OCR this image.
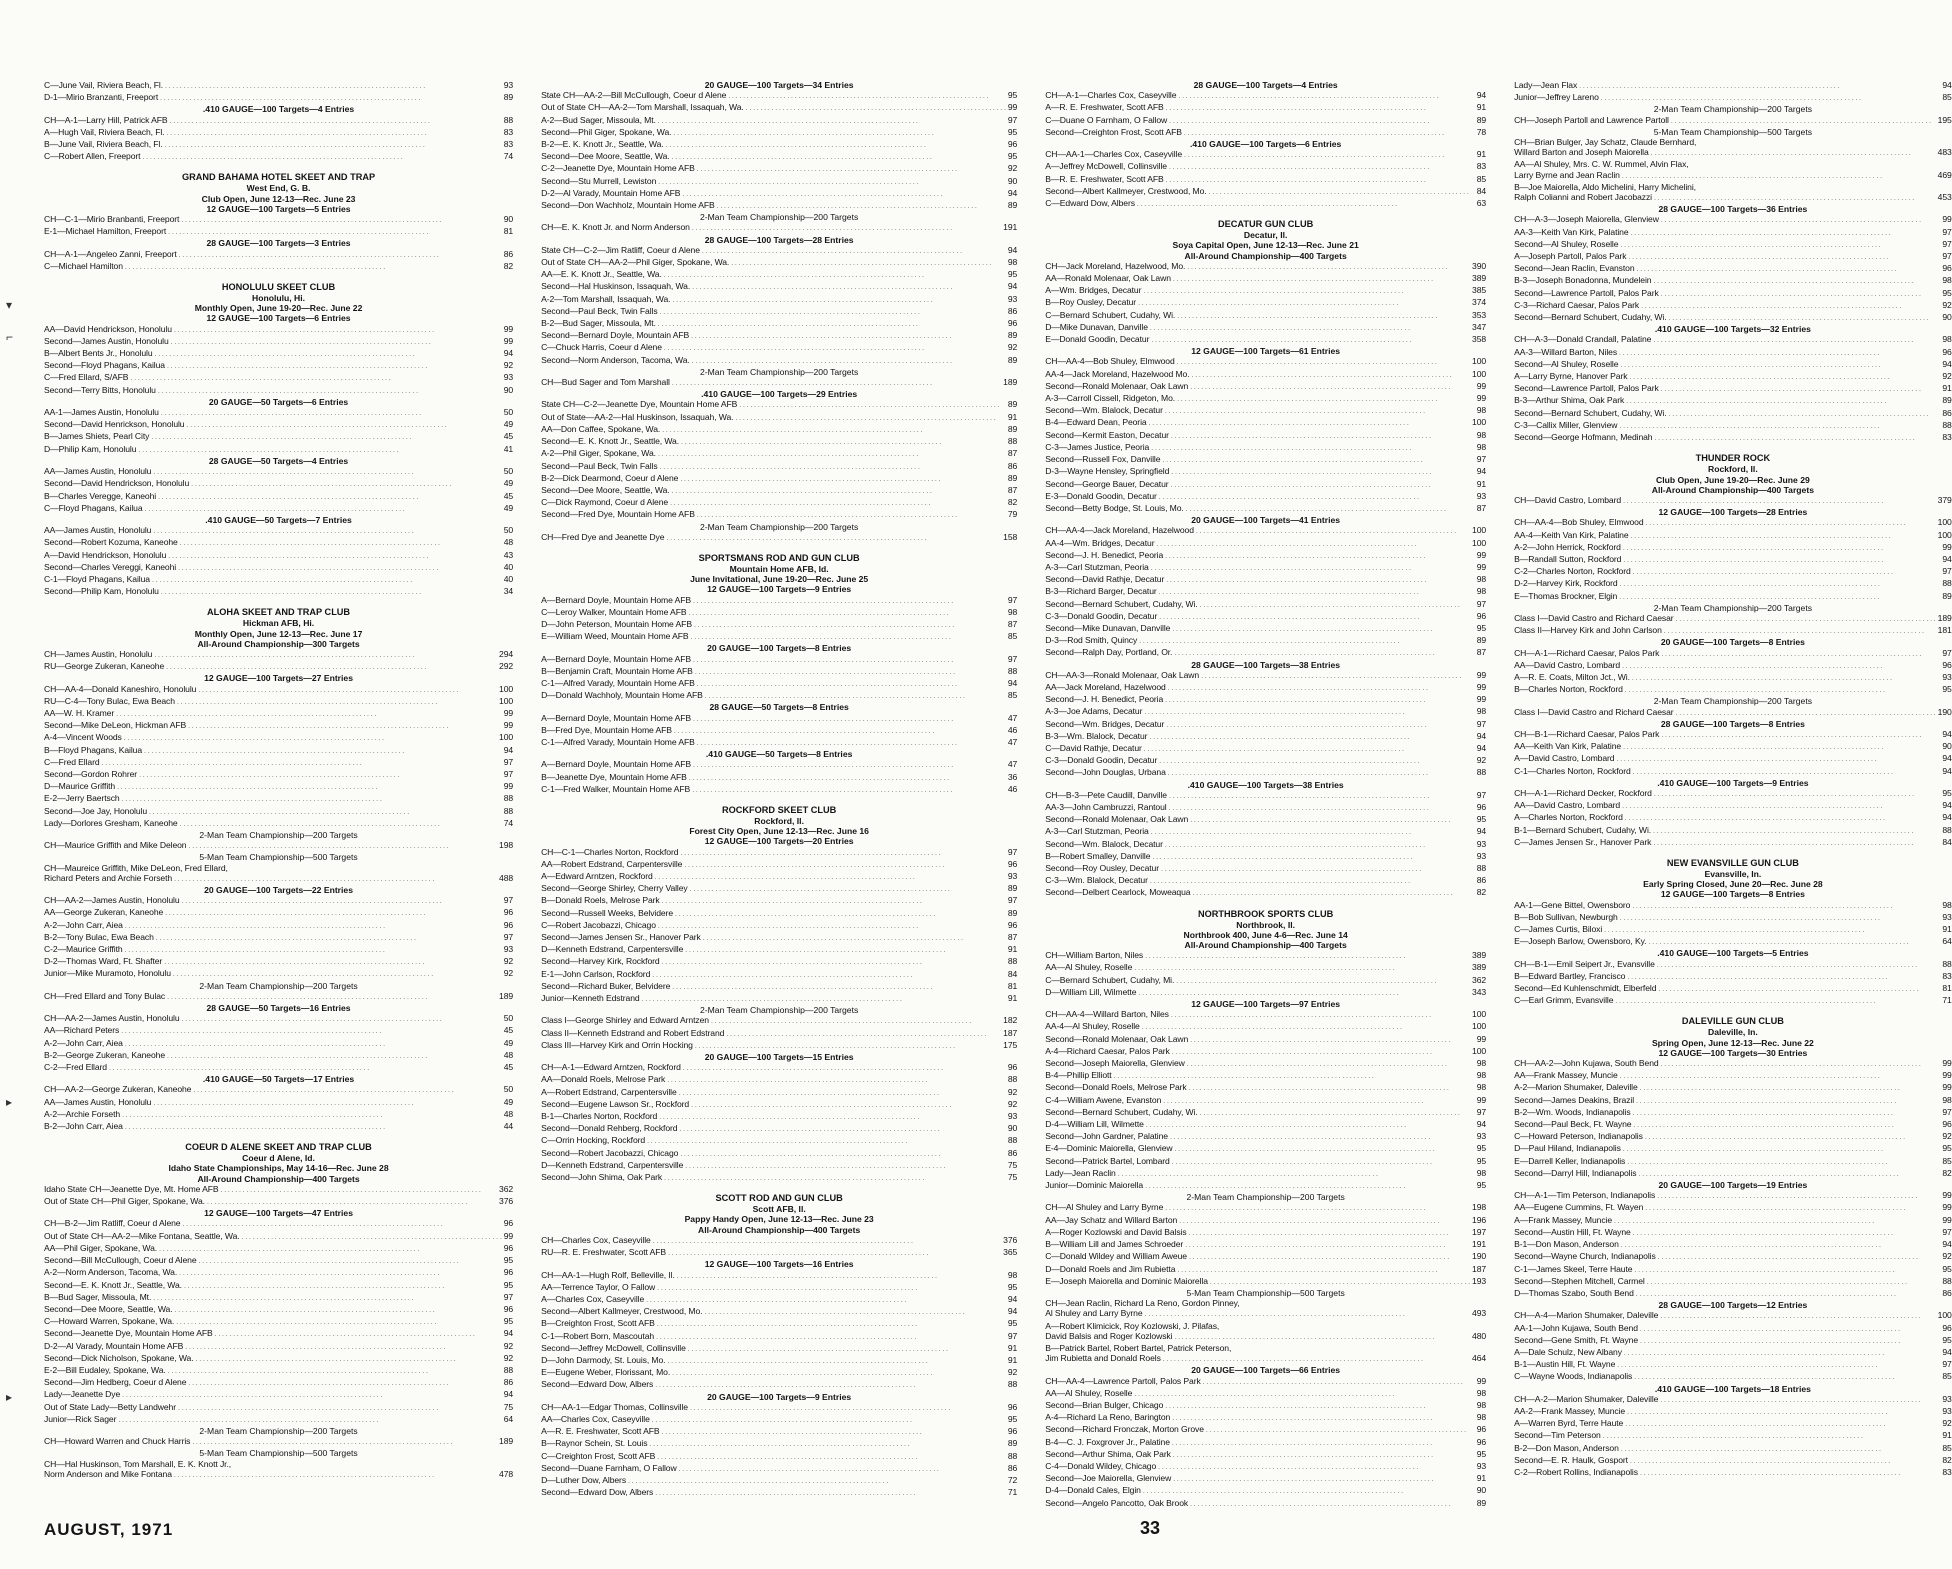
C—June Vail, Riviera Beach, Fl. . . .	93
D-1—Mirio Branzanti, Freeport . . .	89
.410 GAUGE—100 Targets—4 Entries
CH—A-1—Larry Hill, Patrick AFB . . .	88
A—Hugh Vail, Riviera Beach, Fl. . . .	83
B—June Vail, Riviera Beach, Fl. . . .	83
C—Robert Allen, Freeport . . .	74
GRAND BAHAMA HOTEL SKEET AND TRAP
West End, G. B.
Club Open, June 12-13—Rec. June 23
12 GAUGE—100 Targets—5 Entries
CH—C-1—Mirio Branbanti, Freeport . . .	90
E-1—Michael Hamilton, Freeport . . .	81
28 GAUGE—100 Targets—3 Entries
CH—A-1—Angeleo Zanni, Freeport . . .	86
C—Michael Hamilton . . .	82
HONOLULU SKEET CLUB
Honolulu, Hi.
Monthly Open, June 19-20—Rec. June 22
12 GAUGE—100 Targets—6 Entries
AA—David Hendrickson, Honolulu . . .	99
Second—James Austin, Honolulu . . .	99
B—Albert Bents Jr., Honolulu . . .	94
Second—Floyd Phagans, Kailua . . .	92
C—Fred Ellard, S/AFB . . .	93
Second—Terry Bitts, Honolulu . . .	90
20 GAUGE—50 Targets—6 Entries
AA-1—James Austin, Honolulu . . .	50
Second—David Henrickson, Honolulu . . .	49
B—James Shiets, Pearl City . . .	45
D—Philip Kam, Honolulu . . .	41
28 GAUGE—50 Targets—4 Entries
AA—James Austin, Honolulu . . .	50
Second—David Hendrickson, Honolulu . . .	49
B—Charles Veregge, Kaneohi . . .	45
C—Floyd Phagans, Kailua . . .	49
.410 GAUGE—50 Targets—7 Entries
AA—James Austin, Honolulu . . .	50
Second—Robert Kozuma, Kaneohe . . .	48
A—David Hendrickson, Honolulu . . .	43
Second—Charles Vereggi, Kaneohi . . .	40
C-1—Floyd Phagans, Kailua . . .	40
Second—Philip Kam, Honolulu . . .	34
ALOHA SKEET AND TRAP CLUB
Hickman AFB, Hi.
Monthly Open, June 12-13—Rec. June 17
All-Around Championship—300 Targets
CH—James Austin, Honolulu . . .	294
RU—George Zukeran, Kaneohe . . .	292
12 GAUGE—100 Targets—27 Entries
CH—AA-4—Donald Kaneshiro, Honolulu . . .	100
RU—C-4—Tony Bulac, Ewa Beach . . .	100
AA—W. H. Kramer . . .	99
Second—Mike DeLeon, Hickman AFB . . .	99
A-4—Vincent Woods . . .	100
B—Floyd Phagans, Kailua . . .	94
C—Fred Ellard . . .	97
Second—Gordon Rohrer . . .	97
D—Maurice Griffith . . .	99
E-2—Jerry Baertsch . . .	88
Second—Joe Jay, Honolulu . . .	88
Lady—Dorlores Gresham, Kaneohe . . .	74
2-Man Team Championship—200 Targets
CH—Maurice Griffith and Mike Deleon . . .	198
5-Man Team Championship—500 Targets
CH—Maureice Griffith, Mike DeLeon, Fred Ellard,
Richard Peters and Archie Forseth . . .	488
20 GAUGE—100 Targets—22 Entries
CH—AA-2—James Austin, Honolulu . . .	97
AA—George Zukeran, Kaneohe . . .	96
A-2—John Carr, Aiea . . .	96
B-2—Tony Bulac, Ewa Beach . . .	97
C-2—Maurice Griffith . . .	93
D-2—Thomas Ward, Ft. Shafter . . .	92
Junior—Mike Muramoto, Honolulu . . .	92
2-Man Team Championship—200 Targets
CH—Fred Ellard and Tony Bulac . . .	189
28 GAUGE—50 Targets—16 Entries
CH—AA-2—James Austin, Honolulu . . .	50
AA—Richard Peters . . .	45
A-2—John Carr, Aiea . . .	49
B-2—George Zukeran, Kaneohe . . .	48
C-2—Fred Ellard . . .	45
.410 GAUGE—50 Targets—17 Entries
CH—AA-2—George Zukeran, Kaneohe . . .	50
AA—James Austin, Honolulu . . .	49
A-2—Archie Forseth . . .	48
B-2—John Carr, Aiea . . .	44
COEUR D ALENE SKEET AND TRAP CLUB
Coeur d Alene, Id.
Idaho State Championships, May 14-16—Rec. June 28
All-Around Championship—400 Targets
Idaho State CH—Jeanette Dye, Mt. Home AFB . . .	362
Out of State CH—Phil Giger, Spokane, Wa. . . .	376
12 GAUGE—100 Targets—47 Entries
CH—B-2—Jim Ratliff, Coeur d Alene . . .	96
Out of State CH—AA-2—Mike Fontana, Seattle, Wa. . . .	99
AA—Phil Giger, Spokane, Wa. . . .	96
Second—Bill McCullough, Coeur d Alene . . .	95
A-2—Norm Anderson, Tacoma, Wa. . . .	96
Second—E. K. Knott Jr., Seattle, Wa. . . .	95
B—Bud Sager, Missoula, Mt. . . .	97
Second—Dee Moore, Seattle, Wa. . . .	96
C—Howard Warren, Spokane, Wa. . . .	95
Second—Jeanette Dye, Mountain Home AFB . . .	94
D-2—Al Varady, Mountain Home AFB . . .	92
Second—Dick Nicholson, Spokane, Wa. . . .	92
E-2—Bill Eudaley, Spokane, Wa. . . .	88
Second—Jim Hedberg, Coeur d Alene . . .	86
Lady—Jeanette Dye . . .	94
Out of State Lady—Betty Landwehr . . .	75
Junior—Rick Sager . . .	64
2-Man Team Championship—200 Targets
CH—Howard Warren and Chuck Harris . . .	189
5-Man Team Championship—500 Targets
CH—Hal Huskinson, Tom Marshall, E. K. Knott Jr.,
Norm Anderson and Mike Fontana . . .	478
20 GAUGE—100 Targets—34 Entries
State CH—AA-2—Bill McCullough, Coeur d Alene . . .	95
Out of State CH—AA-2—Tom Marshall, Issaquah, Wa. . . .	99
A-2—Bud Sager, Missoula, Mt. . . .	97
Second—Phil Giger, Spokane, Wa. . . .	95
B-2—E. K. Knott Jr., Seattle, Wa. . . .	96
Second—Dee Moore, Seattle, Wa. . . .	95
C-2—Jeanette Dye, Mountain Home AFB . . .	92
Second—Stu Murrell, Lewiston . . .	90
D-2—Al Varady, Mountain Home AFB . . .	94
Second—Don Wachholz, Mountain Home AFB . . .	89
2-Man Team Championship—200 Targets
CH—E. K. Knott Jr. and Norm Anderson . . .	191
28 GAUGE—100 Targets—28 Entries
State CH—C-2—Jim Ratliff, Coeur d Alene . . .	94
Out of State CH—AA-2—Phil Giger, Spokane, Wa. . . .	98
AA—E. K. Knott Jr., Seattle, Wa. . . .	95
Second—Hal Huskinson, Issaquah, Wa. . . .	94
A-2—Tom Marshall, Issaquah, Wa. . . .	93
Second—Paul Beck, Twin Falls . . .	86
B-2—Bud Sager, Missoula, Mt. . . .	96
Second—Bernard Doyle, Mountain AFB . . .	89
C—Chuck Harris, Coeur d Alene . . .	92
Second—Norm Anderson, Tacoma, Wa. . . .	89
2-Man Team Championship—200 Targets
CH—Bud Sager and Tom Marshall . . .	189
.410 GAUGE—100 Targets—29 Entries
State CH—C-2—Jeanette Dye, Mountain Home AFB . . .	89
Out of State—AA-2—Hal Huskinson, Issaquah, Wa. . . .	91
AA—Don Caffee, Spokane, Wa. . . .	89
Second—E. K. Knott Jr., Seattle, Wa. . . .	88
A-2—Phil Giger, Spokane, Wa. . . .	87
Second—Paul Beck, Twin Falls . . .	86
B-2—Dick Dearmond, Coeur d Alene . . .	89
Second—Dee Moore, Seattle, Wa. . . .	87
C—Dick Raymond, Coeur d Alene . . .	82
Second—Fred Dye, Mountain Home AFB . . .	79
2-Man Team Championship—200 Targets
CH—Fred Dye and Jeanette Dye . . .	158
SPORTSMANS ROD AND GUN CLUB
Mountain Home AFB, Id.
June Invitational, June 19-20—Rec. June 25
12 GAUGE—100 Targets—9 Entries
A—Bernard Doyle, Mountain Home AFB . . .	97
C—Leroy Walker, Mountain Home AFB . . .	98
D—John Peterson, Mountain Home AFB . . .	87
E—William Weed, Mountain Home AFB . . .	85
20 GAUGE—100 Targets—8 Entries
A—Bernard Doyle, Mountain Home AFB . . .	97
B—Benjamin Craft, Mountain Home AFB . . .	88
C-1—Alfred Varady, Mountain Home AFB . . .	94
D—Donald Wachholy, Mountain Home AFB . . .	85
28 GAUGE—50 Targets—8 Entries
A—Bernard Doyle, Mountain Home AFB . . .	47
B—Fred Dye, Mountain Home AFB . . .	46
C-1—Alfred Varady, Mountain Home AFB . . .	47
.410 GAUGE—50 Targets—8 Entries
A—Bernard Doyle, Mountain Home AFB . . .	47
B—Jeanette Dye, Mountain Home AFB . . .	36
C-1—Fred Walker, Mountain Home AFB . . .	46
ROCKFORD SKEET CLUB
Rockford, Il.
Forest City Open, June 12-13—Rec. June 16
12 GAUGE—100 Targets—20 Entries
CH—C-1—Charles Norton, Rockford . . .	97
AA—Robert Edstrand, Carpentersville . . .	96
A—Edward Arntzen, Rockford . . .	93
Second—George Shirley, Cherry Valley . . .	89
B—Donald Roels, Melrose Park . . .	97
Second—Russell Weeks, Belvidere . . .	89
C—Robert Jacobazzi, Chicago . . .	96
Second—James Jensen Sr., Hanover Park . . .	87
D—Kenneth Edstrand, Carpentersville . . .	91
Second—Harvey Kirk, Rockford . . .	88
E-1—John Carlson, Rockford . . .	84
Second—Richard Buker, Belvidere . . .	81
Junior—Kenneth Edstrand . . .	91
2-Man Team Championship—200 Targets
Class I—George Shirley and Edward Arntzen . . .	182
Class II—Kenneth Edstrand and Robert Edstrand . . .	187
Class III—Harvey Kirk and Orrin Hocking . . .	175
20 GAUGE—100 Targets—15 Entries
CH—A-1—Edward Arntzen, Rockford . . .	96
AA—Donald Roels, Melrose Park . . .	88
A—Robert Edstrand, Carpentersville . . .	92
Second—Eugene Lawson Sr., Rockford . . .	92
B-1—Charles Norton, Rockford . . .	93
Second—Donald Rehberg, Rockford . . .	90
C—Orrin Hocking, Rockford . . .	88
Second—Robert Jacobazzi, Chicago . . .	86
D—Kenneth Edstrand, Carpentersville . . .	75
Second—John Shima, Oak Park . . .	75
SCOTT ROD AND GUN CLUB
Scott AFB, Il.
Pappy Handy Open, June 12-13—Rec. June 23
All-Around Championship—400 Targets
CH—Charles Cox, Caseyville . . .	376
RU—R. E. Freshwater, Scott AFB . . .	365
12 GAUGE—100 Targets—16 Entries
CH—AA-1—Hugh Rolf, Belleville, Il. . . .	98
AA—Terrence Taylor, O Fallow . . .	95
A—Charles Cox, Caseyville . . .	94
Second—Albert Kallmeyer, Crestwood, Mo. . . .	94
B—Creighton Frost, Scott AFB . . .	95
C-1—Robert Born, Mascoutah . . .	97
Second—Jeffrey McDowell, Collinsville . . .	91
D—John Darmody, St. Louis, Mo. . . .	91
E—Eugene Weber, Florissant, Mo. . . .	92
Second—Edward Dow, Albers . . .	88
20 GAUGE—100 Targets—9 Entries
CH—AA-1—Edgar Thomas, Collinsville . . .	96
AA—Charles Cox, Caseyville . . .	95
A—R. E. Freshwater, Scott AFB . . .	96
B—Raynor Schein, St. Louis . . .	89
C—Creighton Frost, Scott AFB . . .	88
Second—Duane Farnham, O Fallow . . .	86
D—Luther Dow, Albers . . .	72
Second—Edward Dow, Albers . . .	71
28 GAUGE—100 Targets—4 Entries
CH—A-1—Charles Cox, Caseyville . . .	94
A—R. E. Freshwater, Scott AFB . . .	91
C—Duane O Farnham, O Fallow . . .	89
Second—Creighton Frost, Scott AFB . . .	78
.410 GAUGE—100 Targets—6 Entries
CH—AA-1—Charles Cox, Caseyville . . .	91
A—Jeffrey McDowell, Collinsville . . .	83
B—R. E. Freshwater, Scott AFB . . .	85
Second—Albert Kallmeyer, Crestwood, Mo. . . .	84
C—Edward Dow, Albers . . .	63
DECATUR GUN CLUB
Decatur, Il.
Soya Capital Open, June 12-13—Rec. June 21
All-Around Championship—400 Targets
CH—Jack Moreland, Hazelwood, Mo. . . .	390
AA—Ronald Molenaar, Oak Lawn . . .	389
A—Wm. Bridges, Decatur . . .	385
B—Roy Ousley, Decatur . . .	374
C—Bernard Schubert, Cudahy, Wi. . . .	353
D—Mike Dunavan, Danville . . .	347
E—Donald Goodin, Decatur . . .	358
12 GAUGE—100 Targets—61 Entries
CH—AA-4—Bob Shuley, Elmwood . . .	100
AA-4—Jack Moreland, Hazelwood Mo. . . .	100
Second—Ronald Molenaar, Oak Lawn . . .	99
A-3—Carroll Cissell, Ridgeton, Mo. . . .	99
Second—Wm. Blalock, Decatur . . .	98
B-4—Edward Dean, Peoria . . .	100
Second—Kermit Easton, Decatur . . .	98
C-3—James Justice, Peoria . . .	98
Second—Russell Fox, Danville . . .	97
D-3—Wayne Hensley, Springfield . . .	94
Second—George Bauer, Decatur . . .	91
E-3—Donald Goodin, Decatur . . .	93
Second—Betty Bodge, St. Louis, Mo. . . .	87
20 GAUGE—100 Targets—41 Entries
CH—AA-4—Jack Moreland, Hazelwood . . .	100
AA-4—Wm. Bridges, Decatur . . .	100
Second—J. H. Benedict, Peoria . . .	99
A-3—Carl Stutzman, Peoria . . .	99
Second—David Rathje, Decatur . . .	98
B-3—Richard Barger, Decatur . . .	98
Second—Bernard Schubert, Cudahy, Wi. . . .	97
C-3—Donald Goodin, Decatur . . .	96
Second—Mike Dunavan, Danville . . .	95
D-3—Rod Smith, Quincy . . .	89
Second—Ralph Day, Portland, Or. . . .	87
28 GAUGE—100 Targets—38 Entries
CH—AA-3—Ronald Molenaar, Oak Lawn . . .	99
AA—Jack Moreland, Hazelwood . . .	99
Second—J. H. Benedict, Peoria . . .	99
A-3—Joe Adams, Decatur . . .	98
Second—Wm. Bridges, Decatur . . .	97
B-3—Wm. Blalock, Decatur . . .	94
C—David Rathje, Decatur . . .	94
C-3—Donald Goodin, Decatur . . .	92
Second—John Douglas, Urbana . . .	88
.410 GAUGE—100 Targets—38 Entries
CH—B-3—Pete Caudill, Danville . . .	97
AA-3—John Cambruzzi, Rantoul . . .	96
Second—Ronald Molenaar, Oak Lawn . . .	95
A-3—Carl Stutzman, Peoria . . .	94
Second—Wm. Blalock, Decatur . . .	93
B—Robert Smalley, Danville . . .	93
Second—Roy Ousley, Decatur . . .	88
C-3—Wm. Blalock, Decatur . . .	86
Second—Delbert Cearlock, Moweaqua . . .	82
NORTHBROOK SPORTS CLUB
Northbrook, Il.
Northbrook 400, June 4-6—Rec. June 14
All-Around Championship—400 Targets
CH—William Barton, Niles . . .	389
AA—Al Shuley, Roselle . . .	389
C—Bernard Schubert, Cudahy, Mi. . . .	362
D—William Lill, Wilmette . . .	343
12 GAUGE—100 Targets—97 Entries
CH—AA-4—Willard Barton, Niles . . .	100
AA-4—Al Shuley, Roselle . . .	100
Second—Ronald Molenaar, Oak Lawn . . .	99
A-4—Richard Caesar, Palos Park . . .	100
Second—Joseph Maiorella, Glenview . . .	98
B-4—Phillip Elliott . . .	98
Second—Donald Roels, Melrose Park . . .	98
C-4—William Awene, Evanston . . .	99
Second—Bernard Schubert, Cudahy, Wi. . . .	97
D-4—William Lill, Wilmette . . .	94
Second—John Gardner, Palatine . . .	93
E-4—Dominic Maiorella, Glenview . . .	95
Second—Patrick Bartel, Lombard . . .	95
Lady—Jean Raclin . . .	98
Junior—Dominic Maiorella . . .	95
2-Man Team Championship—200 Targets
CH—Al Shuley and Larry Byrne . . .	198
AA—Jay Schatz and Willard Barton . . .	196
A—Roger Kozlowski and David Balsis . . .	197
B—William Lill and James Schroeder . . .	191
C—Donald Wildey and William Aweue . . .	190
D—Donald Roels and Jim Rubietta . . .	187
E—Joseph Maiorella and Dominic Maiorella . . .	193
5-Man Team Championship—500 Targets
CH—Jean Raclin, Richard La Reno, Gordon Pinney,
Al Shuley and Larry Byrne . . .	493
A—Robert Klimicick, Roy Kozlowski, J. Pilafas,
David Balsis and Roger Kozlowski . . .	480
B—Patrick Bartel, Robert Bartel, Patrick Peterson,
Jim Rubietta and Donald Roels . . .	464
20 GAUGE—100 Targets—66 Entries
CH—AA-4—Lawrence Partoll, Palos Park . . .	99
AA—Al Shuley, Roselle . . .	98
Second—Brian Bulger, Chicago . . .	98
A-4—Richard La Reno, Barington . . .	98
Second—Richard Fronczak, Morton Grove . . .	96
B-4—C. J. Foxgrover Jr., Palatine . . .	96
Second—Arthur Shima, Oak Park . . .	95
C-4—Donald Wildey, Chicago . . .	93
Second—Joe Maiorella, Glenview . . .	91
D-4—Donald Cales, Elgin . . .	90
Second—Angelo Pancotto, Oak Brook . . .	89
Lady—Jean Flax . . .	94
Junior—Jeffrey Lareno . . .	85
2-Man Team Championship—200 Targets
CH—Joseph Partoll and Lawrence Partoll . . .	195
5-Man Team Championship—500 Targets
CH—Brian Bulger, Jay Schatz, Claude Bernhard,
Willard Barton and Joseph Maiorella . . .	483
AA—Al Shuley, Mrs. C. W. Rummel, Alvin Flax,
Larry Byrne and Jean Raclin . . .	469
B—Joe Maiorella, Aldo Michelini, Harry Michelini,
Ralph Colianni and Robert Jacobazzi . . .	453
28 GAUGE—100 Targets—36 Entries
CH—A-3—Joseph Maiorella, Glenview . . .	99
AA-3—Keith Van Kirk, Palatine . . .	97
Second—Al Shuley, Roselle . . .	97
A—Joseph Partoll, Palos Park . . .	97
Second—Jean Raclin, Evanston . . .	96
B-3—Joseph Bonadonna, Mundelein . . .	98
Second—Lawrence Partoll, Palos Park . . .	95
C-3—Richard Caesar, Palos Park . . .	92
Second—Bernard Schubert, Cudahy, Wi. . . .	90
.410 GAUGE—100 Targets—32 Entries
CH—A-3—Donald Crandall, Palatine . . .	98
AA-3—Willard Barton, Niles . . .	96
Second—Al Shuley, Roselle . . .	94
A—Larry Byrne, Hanover Park . . .	92
Second—Lawrence Partoll, Palos Park . . .	91
B-3—Arthur Shima, Oak Park . . .	89
Second—Bernard Schubert, Cudahy, Wi. . . .	86
C-3—Callix Miller, Glenview . . .	88
Second—George Hofmann, Medinah . . .	83
THUNDER ROCK
Rockford, Il.
Club Open, June 19-20—Rec. June 29
All-Around Championship—400 Targets
CH—David Castro, Lombard . . .	379
12 GAUGE—100 Targets—28 Entries
CH—AA-4—Bob Shuley, Elmwood . . .	100
AA-4—Keith Van Kirk, Palatine . . .	100
A-2—John Herrick, Rockford . . .	99
B—Randall Sutton, Rockford . . .	94
C-2—Charles Norton, Rockford . . .	97
D-2—Harvey Kirk, Rockford . . .	88
E—Thomas Brockner, Elgin . . .	89
2-Man Team Championship—200 Targets
Class I—David Castro and Richard Caesar . . .	189
Class II—Harvey Kirk and John Carlson . . .	181
20 GAUGE—100 Targets—8 Entries
CH—A-1—Richard Caesar, Palos Park . . .	97
AA—David Castro, Lombard . . .	96
A—R. E. Coats, Milton Jct., Wi. . . .	93
B—Charles Norton, Rockford . . .	95
2-Man Team Championship—200 Targets
Class I—David Castro and Richard Caesar . . .	190
28 GAUGE—100 Targets—8 Entries
CH—B-1—Richard Caesar, Palos Park . . .	94
AA—Keith Van Kirk, Palatine . . .	90
A—David Castro, Lombard . . .	94
C-1—Charles Norton, Rockford . . .	94
.410 GAUGE—100 Targets—9 Entries
CH—A-1—Richard Decker, Rockford . . .	95
AA—David Castro, Lombard . . .	94
A—Charles Norton, Rockford . . .	94
B-1—Bernard Schubert, Cudahy, Wi. . . .	88
C—James Jensen Sr., Hanover Park . . .	84
NEW EVANSVILLE GUN CLUB
Evansville, In.
Early Spring Closed, June 20—Rec. June 28
12 GAUGE—100 Targets—8 Entries
AA-1—Gene Bittel, Owensboro . . .	98
B—Bob Sullivan, Newburgh . . .	93
C—James Curtis, Biloxi . . .	91
E—Joseph Barlow, Owensboro, Ky. . . .	64
.410 GAUGE—100 Targets—5 Entries
CH—B-1—Emil Seipert Jr., Evansville . . .	88
B—Edward Bartley, Francisco . . .	83
Second—Ed Kuhlenschmidt, Elberfeld . . .	81
C—Earl Grimm, Evansville . . .	71
DALEVILLE GUN CLUB
Daleville, In.
Spring Open, June 12-13—Rec. June 22
12 GAUGE—100 Targets—30 Entries
CH—AA-2—John Kujawa, South Bend . . .	99
AA—Frank Massey, Muncie . . .	99
A-2—Marion Shumaker, Daleville . . .	99
Second—James Deakins, Brazil . . .	98
B-2—Wm. Woods, Indianapolis . . .	97
Second—Paul Beck, Ft. Wayne . . .	96
C—Howard Peterson, Indianapolis . . .	92
D—Paul Hiland, Indianapolis . . .	95
E—Darrell Keller, Indianapolis . . .	85
Second—Darryl Hill, Indianapolis . . .	82
20 GAUGE—100 Targets—19 Entries
CH—A-1—Tim Peterson, Indianapolis . . .	99
AA—Eugene Cummins, Ft. Wayen . . .	99
A—Frank Massey, Muncie . . .	99
Second—Austin Hill, Ft. Wayne . . .	97
B-1—Don Mason, Anderson . . .	94
Second—Wayne Church, Indianapolis . . .	92
C-1—James Skeel, Terre Haute . . .	95
Second—Stephen Mitchell, Carmel . . .	88
D—Thomas Szabo, South Bend . . .	86
28 GAUGE—100 Targets—12 Entries
CH—A-4—Marion Shumaker, Daleville . . .	100
AA-1—John Kujawa, South Bend . . .	96
Second—Gene Smith, Ft. Wayne . . .	95
A—Dale Schulz, New Albany . . .	94
B-1—Austin Hill, Ft. Wayne . . .	97
C—Wayne Woods, Indianapolis . . .	85
.410 GAUGE—100 Targets—18 Entries
CH—A-2—Marion Shumaker, Daleville . . .	93
AA-2—Frank Massey, Muncie . . .	93
A—Warren Byrd, Terre Haute . . .	92
Second—Tim Peterson . . .	91
B-2—Don Mason, Anderson . . .	85
Second—E. R. Haulk, Gosport . . .	82
C-2—Robert Rollins, Indianapolis . . .	83
▾
⌐
▸
▸
AUGUST, 1971	33
